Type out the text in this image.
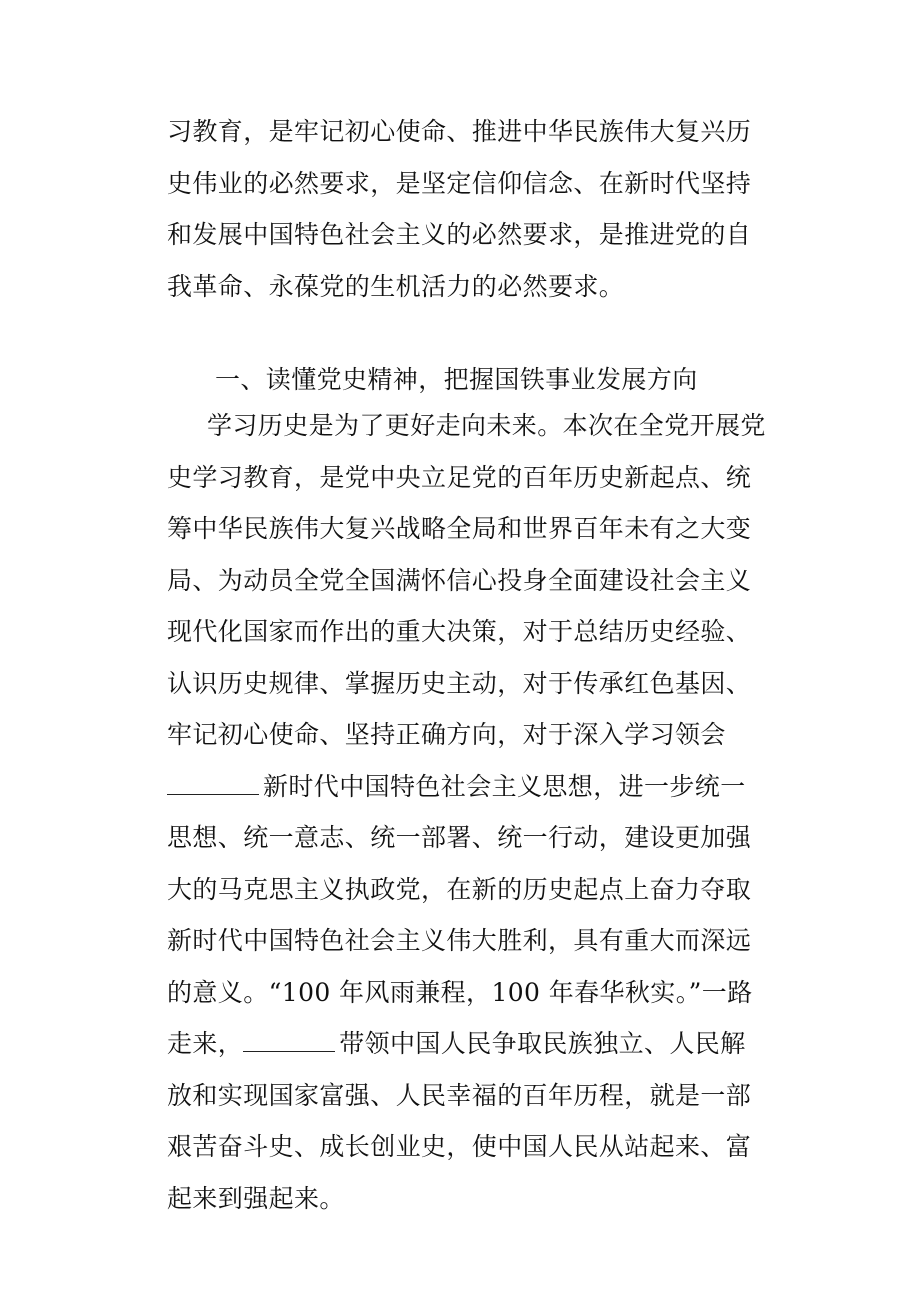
习教育，是牢记初心使命、推进中华民族伟大复兴历
史伟业的必然要求，是坚定信仰信念、在新时代坚持
和发展中国特色社会主义的必然要求，是推进党的自
我革命、永葆党的生机活力的必然要求。
一、读懂党史精神，把握国铁事业发展方向
学习历史是为了更好走向未来。本次在全党开展党
史学习教育，是党中央立足党的百年历史新起点、统
筹中华民族伟大复兴战略全局和世界百年未有之大变
局、为动员全党全国满怀信心投身全面建设社会主义
现代化国家而作出的重大决策，对于总结历史经验、
认识历史规律、掌握历史主动，对于传承红色基因、
牢记初心使命、坚持正确方向，对于深入学习领会
新时代中国特色社会主义思想，进一步统一
思想、统一意志、统一部署、统一行动，建设更加强
大的马克思主义执政党，在新的历史起点上奋力夺取
新时代中国特色社会主义伟大胜利，具有重大而深远
的意义。“100 年风雨兼程，100 年春华秋实。”一路
走来，	带领中国人民争取民族独立、人民解
放和实现国家富强、人民幸福的百年历程，就是一部
艰苦奋斗史、成长创业史，使中国人民从站起来、富
起来到强起来。
